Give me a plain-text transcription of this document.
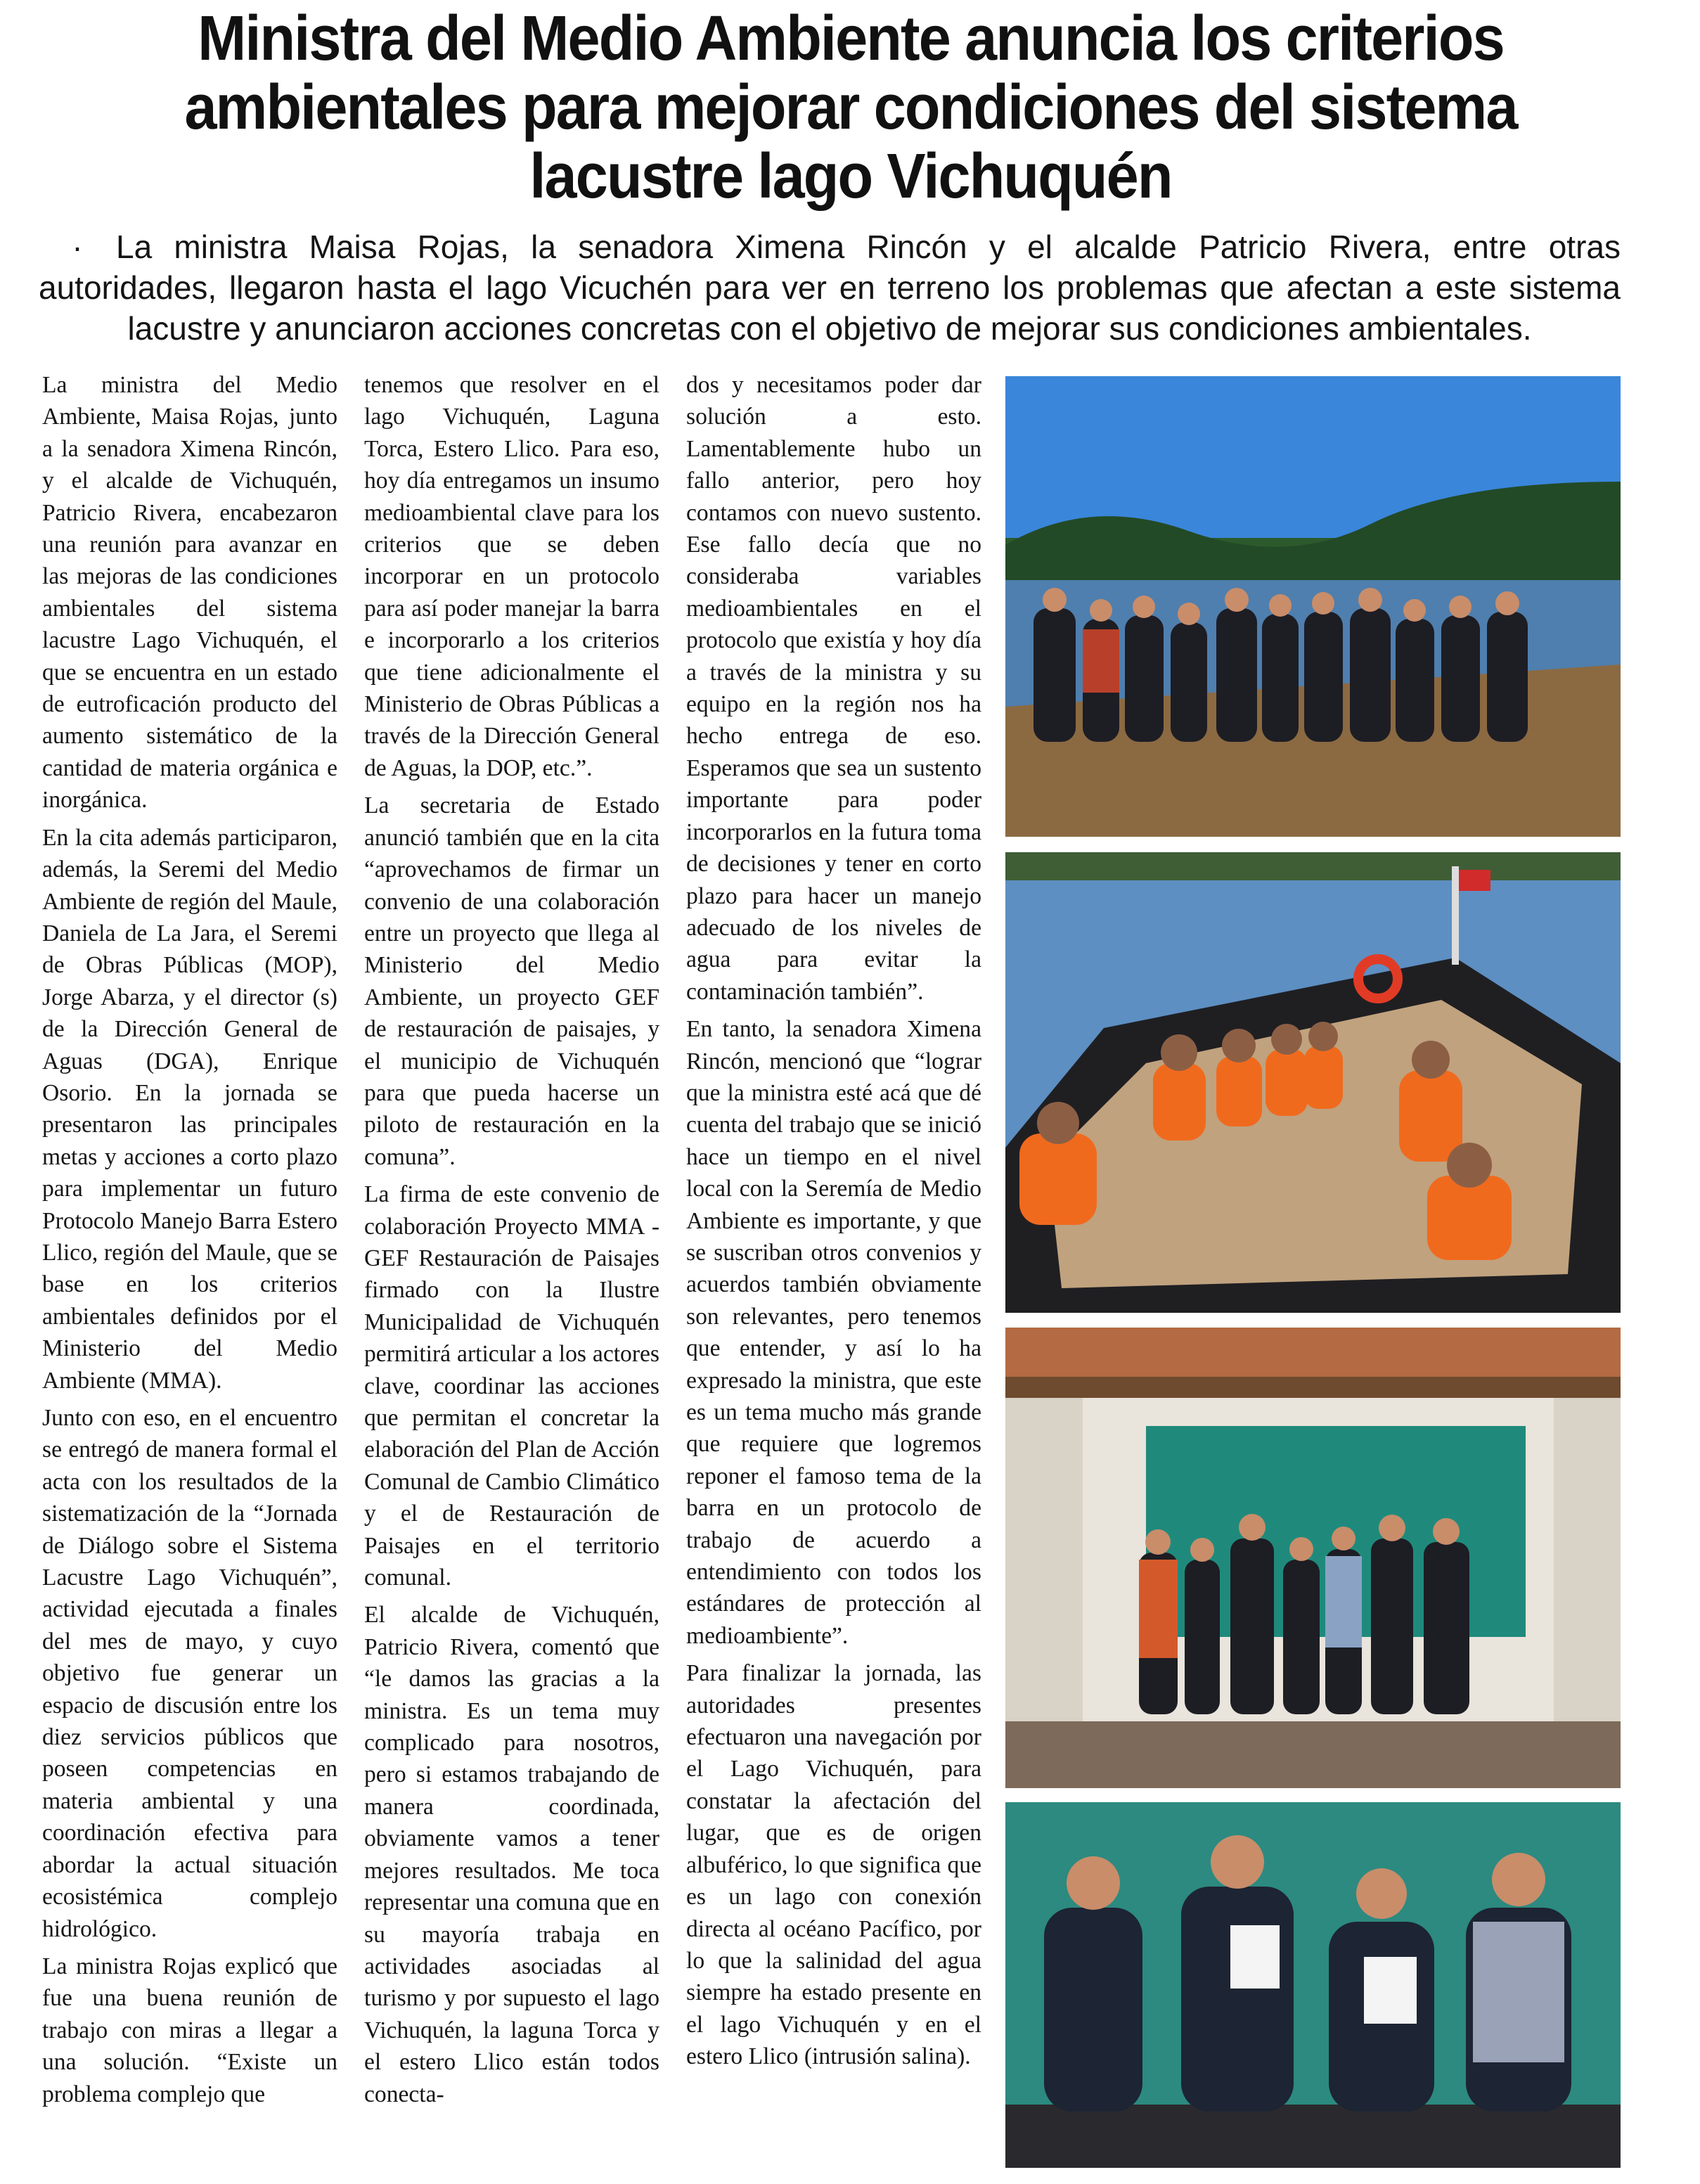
Ministra del Medio Ambiente anuncia los criterios ambientales para mejorar condiciones del sistema lacustre lago Vichuquén

· La ministra Maisa Rojas, la senadora Ximena Rincón y el alcalde Patricio Rivera, entre otras autoridades, llegaron hasta el lago Vicuchén para ver en terreno los problemas que afectan a este sistema lacustre y anunciaron acciones concretas con el objetivo de mejorar sus condiciones ambientales.

La ministra del Medio Ambiente, Maisa Rojas, junto a la senadora Ximena Rincón, y el alcalde de Vichuquén, Patricio Rivera, encabezaron una reunión para avanzar en las mejoras de las condiciones ambientales del sistema lacustre Lago Vichuquén, el que se encuentra en un estado de eutroficación producto del aumento sistemático de la cantidad de materia orgánica e inorgánica.

En la cita además participaron, además, la Seremi del Medio Ambiente de región del Maule, Daniela de La Jara, el Seremi de Obras Públicas (MOP), Jorge Abarza, y el director (s) de la Dirección General de Aguas (DGA), Enrique Osorio. En la jornada se presentaron las principales metas y acciones a corto plazo para implementar un futuro Protocolo Manejo Barra Estero Llico, región del Maule, que se base en los criterios ambientales definidos por el Ministerio del Medio Ambiente (MMA).

Junto con eso, en el encuentro se entregó de manera formal el acta con los resultados de la sistematización de la “Jornada de Diálogo sobre el Sistema Lacustre Lago Vichuquén”, actividad ejecutada a finales del mes de mayo, y cuyo objetivo fue generar un espacio de discusión entre los diez servicios públicos que poseen competencias en materia ambiental y una coordinación efectiva para abordar la actual situación ecosistémica complejo hidrológico.

La ministra Rojas explicó que fue una buena reunión de trabajo con miras a llegar a una solución. “Existe un problema complejo que

tenemos que resolver en el lago Vichuquén, Laguna Torca, Estero Llico. Para eso, hoy día entregamos un insumo medioambiental clave para los criterios que se deben incorporar en un protocolo para así poder manejar la barra e incorporarlo a los criterios que tiene adicionalmente el Ministerio de Obras Públicas a través de la Dirección General de Aguas, la DOP, etc.”.

La secretaria de Estado anunció también que en la cita “aprovechamos de firmar un convenio de una colaboración entre un proyecto que llega al Ministerio del Medio Ambiente, un proyecto GEF de restauración de paisajes, y el municipio de Vichuquén para que pueda hacerse un piloto de restauración en la comuna”.

La firma de este convenio de colaboración Proyecto MMA - GEF Restauración de Paisajes firmado con la Ilustre Municipalidad de Vichuquén permitirá articular a los actores clave, coordinar las acciones que permitan el concretar la elaboración del Plan de Acción Comunal de Cambio Climático y el de Restauración de Paisajes en el territorio comunal.

El alcalde de Vichuquén, Patricio Rivera, comentó que “le damos las gracias a la ministra. Es un tema muy complicado para nosotros, pero si estamos trabajando de manera coordinada, obviamente vamos a tener mejores resultados. Me toca representar una comuna que en su mayoría trabaja en actividades asociadas al turismo y por supuesto el lago Vichuquén, la laguna Torca y el estero Llico están todos conecta-

dos y necesitamos poder dar solución a esto. Lamentablemente hubo un fallo anterior, pero hoy contamos con nuevo sustento. Ese fallo decía que no consideraba variables medioambientales en el protocolo que existía y hoy día a través de la ministra y su equipo en la región nos ha hecho entrega de eso. Esperamos que sea un sustento importante para poder incorporarlos en la futura toma de decisiones y tener en corto plazo para hacer un manejo adecuado de los niveles de agua para evitar la contaminación también”.

En tanto, la senadora Ximena Rincón, mencionó que “lograr que la ministra esté acá que dé cuenta del trabajo que se inició hace un tiempo en el nivel local con la Seremía de Medio Ambiente es importante, y que se suscriban otros convenios y acuerdos también obviamente son relevantes, pero tenemos que entender, y así lo ha expresado la ministra, que este es un tema mucho más grande que requiere que logremos reponer el famoso tema de la barra en un protocolo de trabajo de acuerdo a entendimiento con todos los estándares de protección al medioambiente”.

Para finalizar la jornada, las autoridades presentes efectuaron una navegación por el Lago Vichuquén, para constatar la afectación del lugar, que es de origen albuférico, lo que significa que es un lago con conexión directa al océano Pacífico, por lo que la salinidad del agua siempre ha estado presente en el lago Vichuquén y en el estero Llico (intrusión salina).
